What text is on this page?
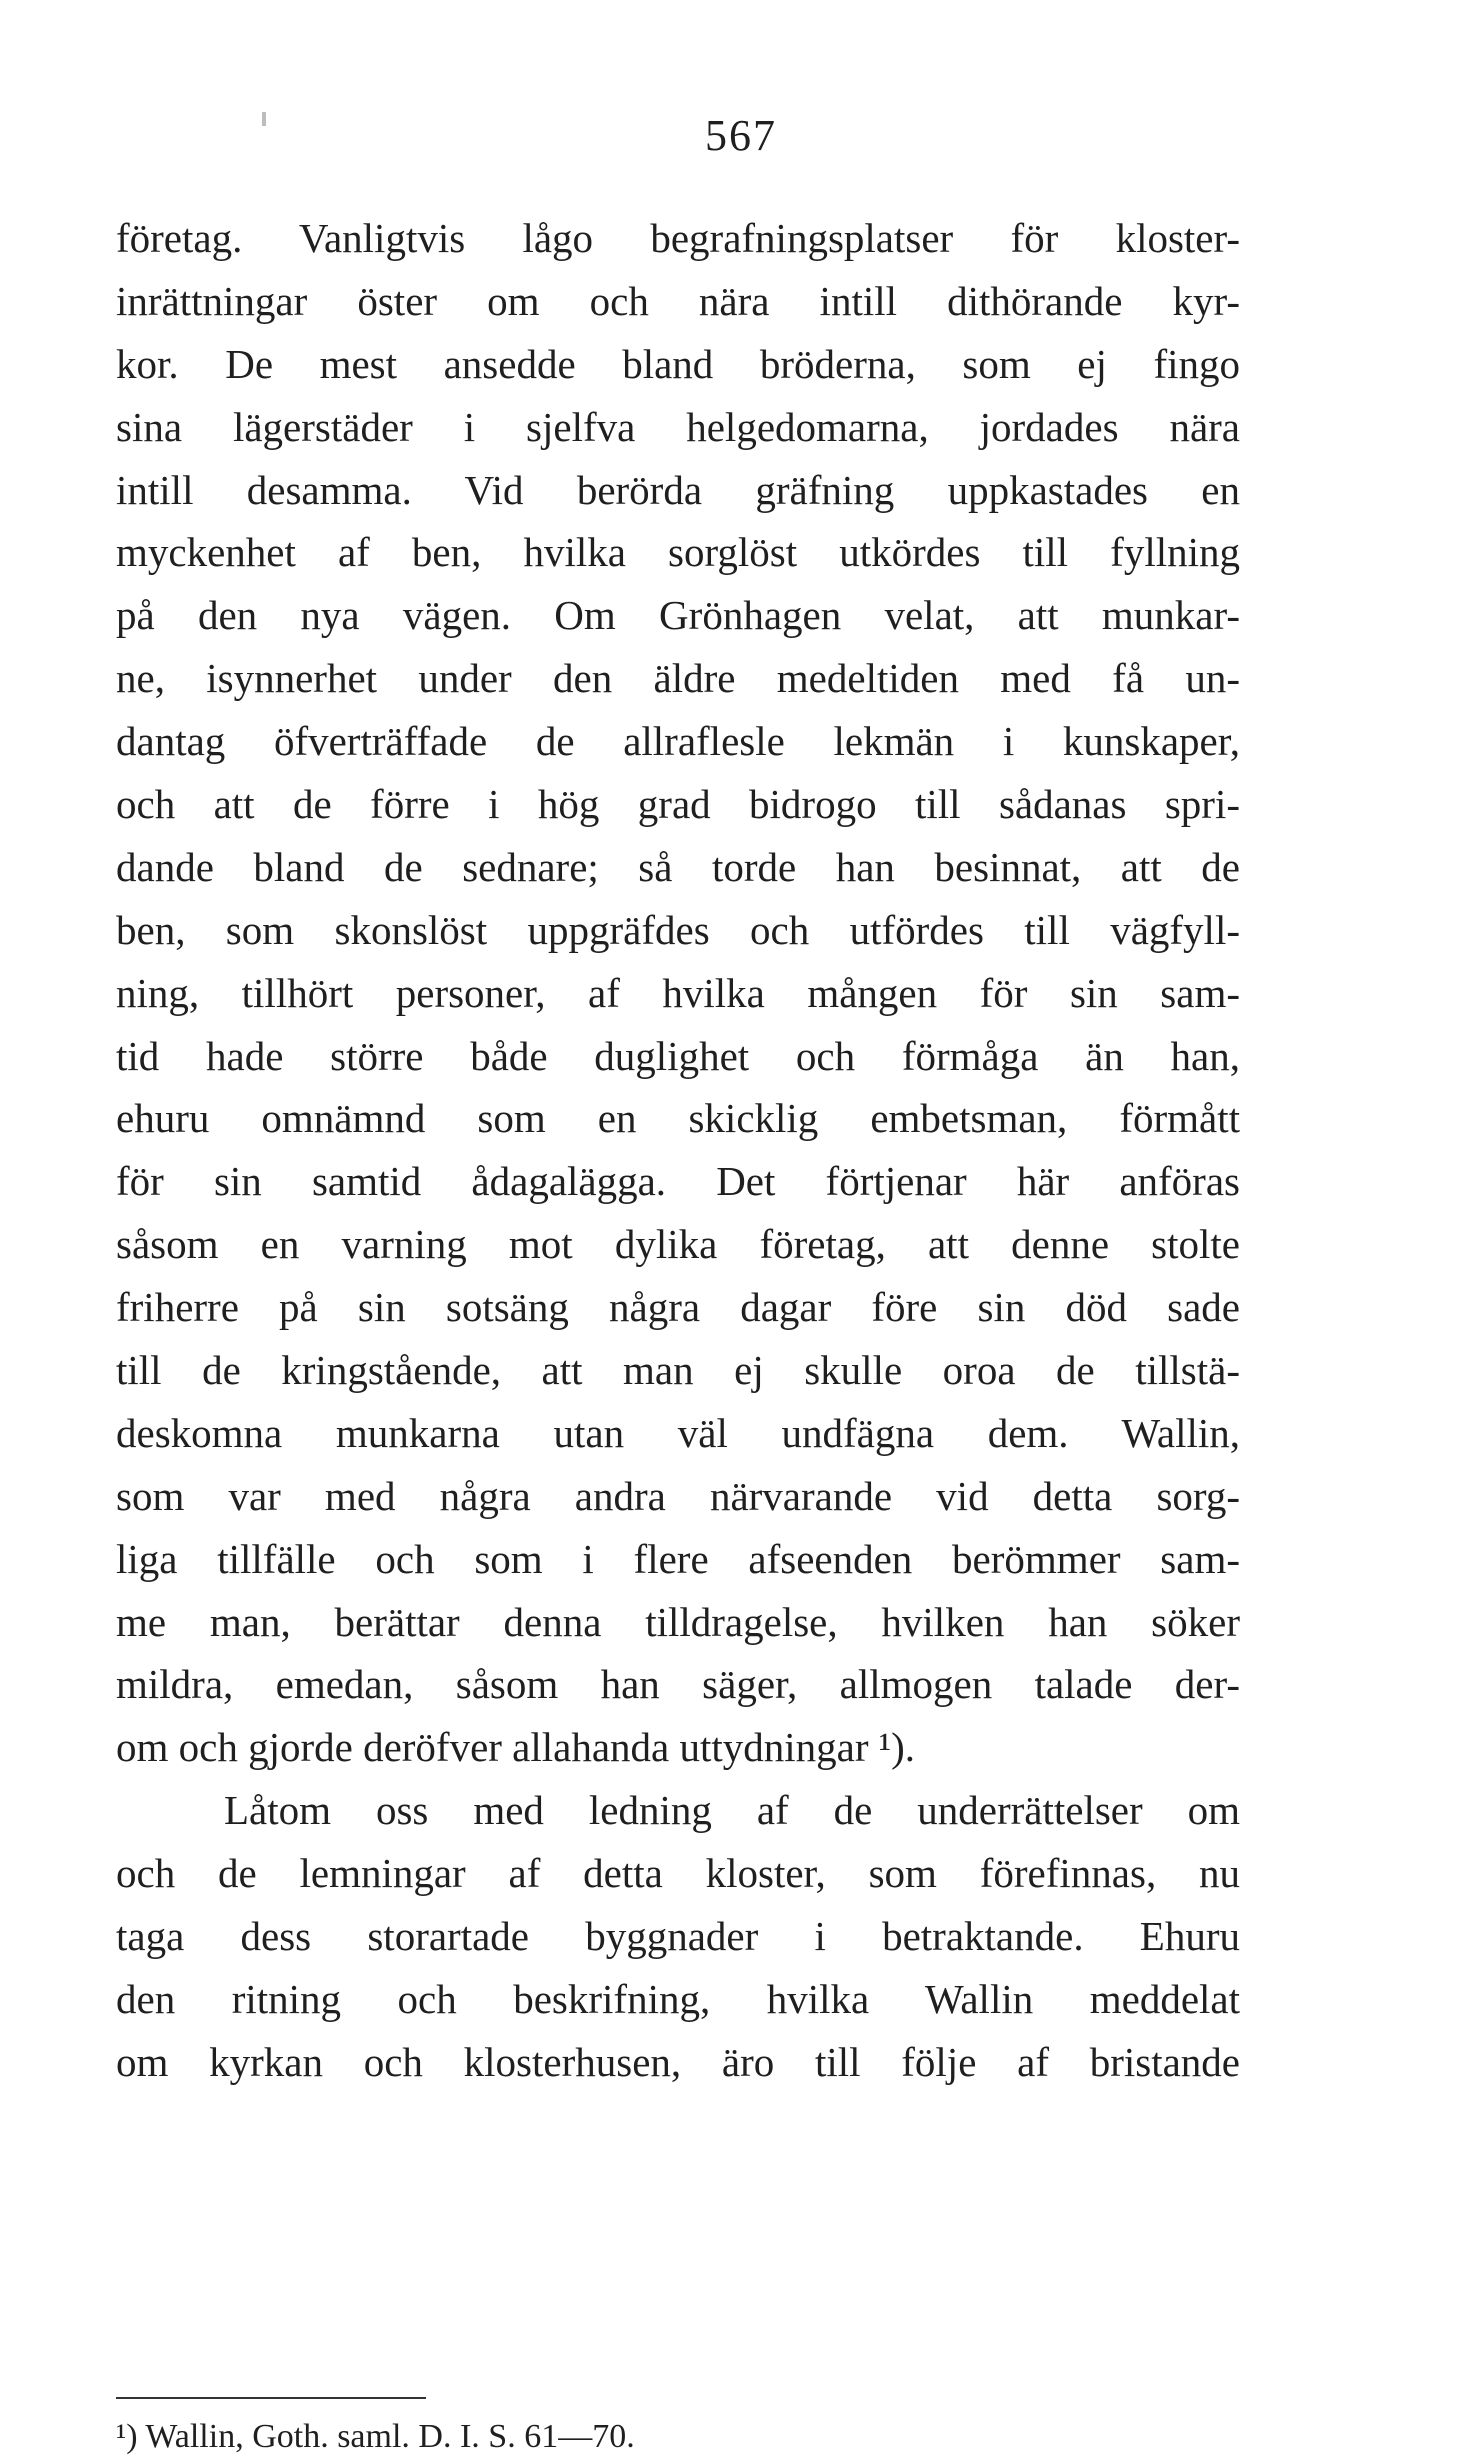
567
företag. Vanligtvis lågo begrafningsplatser för kloster-
inrättningar öster om och nära intill dithörande kyr-
kor. De mest ansedde bland bröderna, som ej fingo
sina lägerstäder i sjelfva helgedomarna, jordades nära
intill desamma. Vid berörda gräfning uppkastades en
myckenhet af ben, hvilka sorglöst utkördes till fyllning
på den nya vägen. Om Grönhagen velat, att munkar-
ne, isynnerhet under den äldre medeltiden med få un-
dantag öfverträffade de allraflesle lekmän i kunskaper,
och att de förre i hög grad bidrogo till sådanas spri-
dande bland de sednare; så torde han besinnat, att de
ben, som skonslöst uppgräfdes och utfördes till vägfyll-
ning, tillhört personer, af hvilka mången för sin sam-
tid hade större både duglighet och förmåga än han,
ehuru omnämnd som en skicklig embetsman, förmått
för sin samtid ådagalägga. Det förtjenar här anföras
såsom en varning mot dylika företag, att denne stolte
friherre på sin sotsäng några dagar före sin död sade
till de kringstående, att man ej skulle oroa de tillstä-
deskomna munkarna utan väl undfägna dem. Wallin,
som var med några andra närvarande vid detta sorg-
liga tillfälle och som i flere afseenden berömmer sam-
me man, berättar denna tilldragelse, hvilken han söker
mildra, emedan, såsom han säger, allmogen talade der-
om och gjorde deröfver allahanda uttydningar ¹).
Låtom oss med ledning af de underrättelser om
och de lemningar af detta kloster, som förefinnas, nu
taga dess storartade byggnader i betraktande. Ehuru
den ritning och beskrifning, hvilka Wallin meddelat
om kyrkan och klosterhusen, äro till följe af bristande
¹) Wallin, Goth. saml. D. I. S. 61—70.
